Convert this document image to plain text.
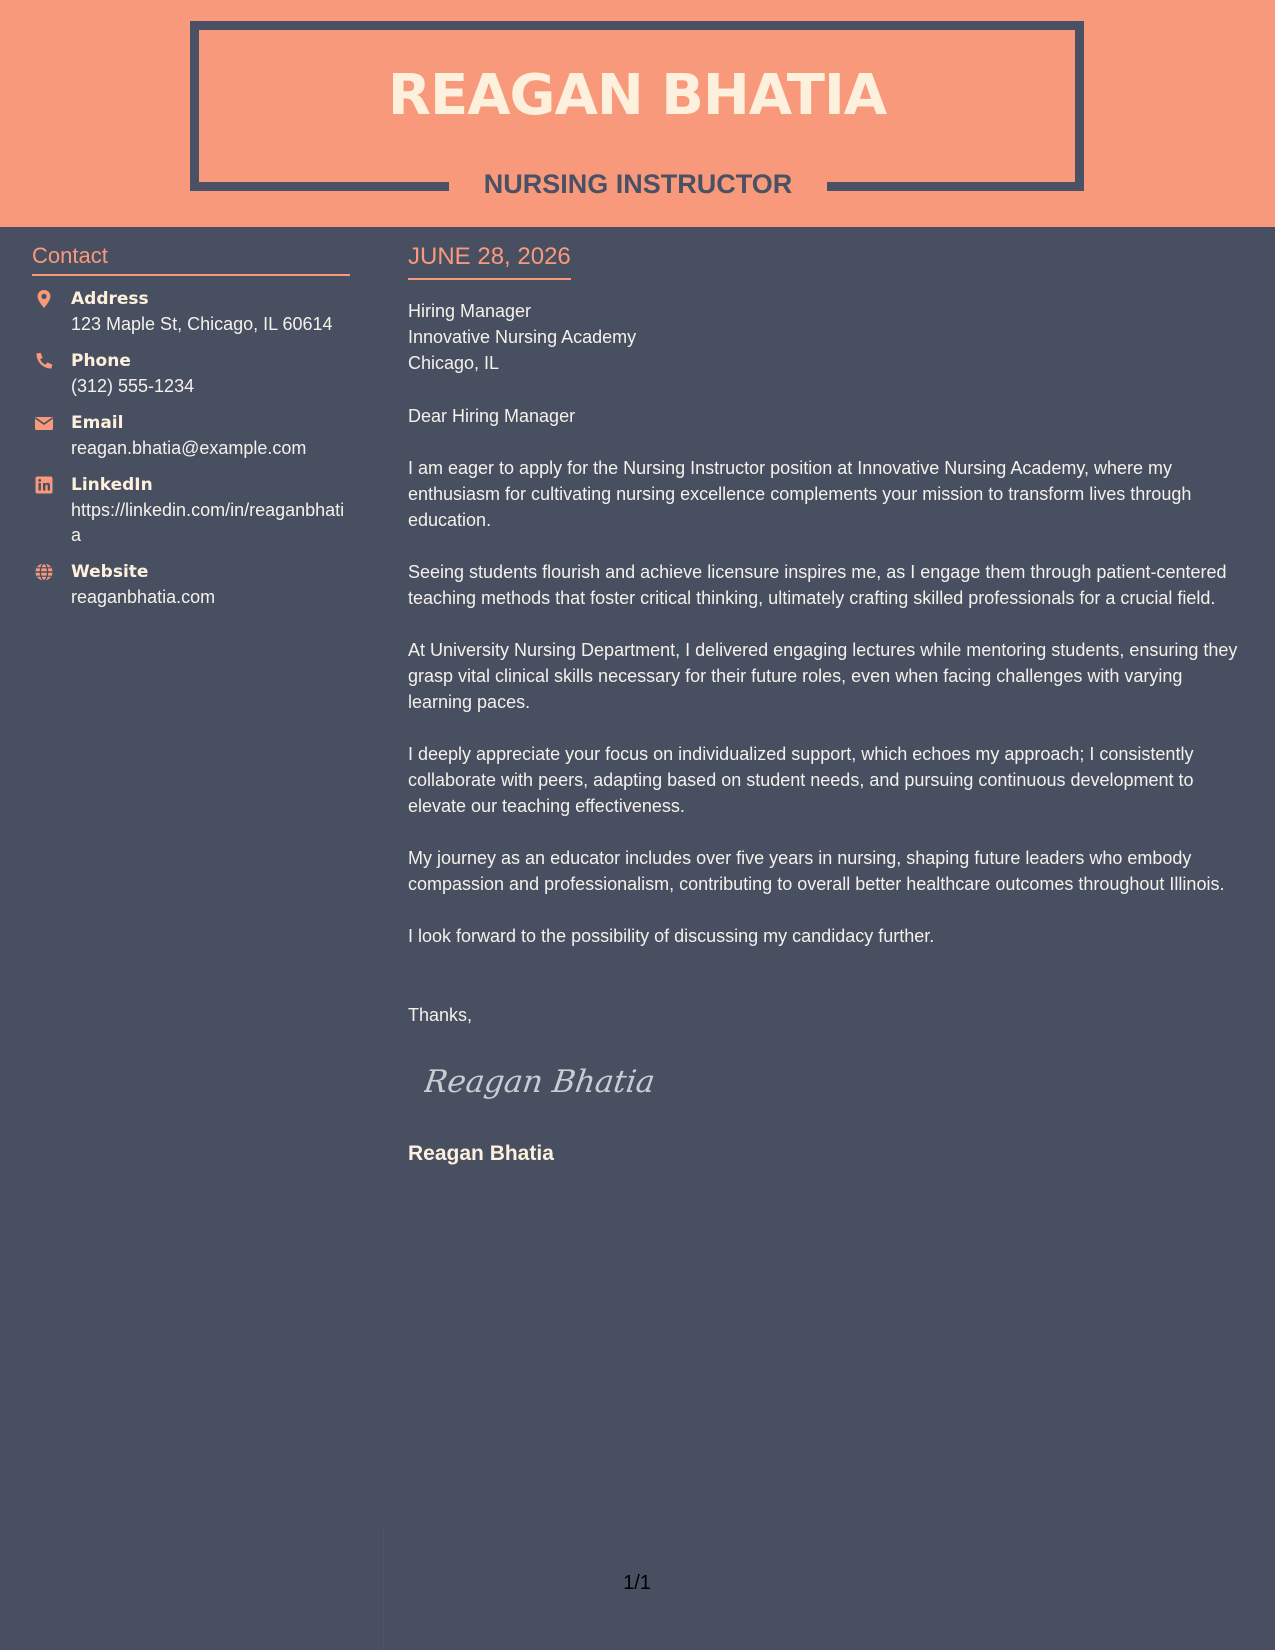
REAGAN BHATIA
NURSING INSTRUCTOR
Contact
Address
123 Maple St, Chicago, IL 60614
Phone
(312) 555-1234
Email
reagan.bhatia@example.com
LinkedIn
https://linkedin.com/in/reaganbhatia
Website
reaganbhatia.com
JUNE 28, 2026

Hiring Manager

Innovative Nursing Academy

Chicago, IL

Dear Hiring Manager

I am eager to apply for the Nursing Instructor position at Innovative Nursing Academy, where my enthusiasm for cultivating nursing excellence complements your mission to transform lives through education.

Seeing students flourish and achieve licensure inspires me, as I engage them through patient-centered teaching methods that foster critical thinking, ultimately crafting skilled professionals for a crucial field.

At University Nursing Department, I delivered engaging lectures while mentoring students, ensuring they grasp vital clinical skills necessary for their future roles, even when facing challenges with varying learning paces.

I deeply appreciate your focus on individualized support, which echoes my approach; I consistently collaborate with peers, adapting based on student needs, and pursuing continuous development to elevate our teaching effectiveness.

My journey as an educator includes over five years in nursing, shaping future leaders who embody compassion and professionalism, contributing to overall better healthcare outcomes throughout Illinois.

I look forward to the possibility of discussing my candidacy further.

Thanks,

Reagan Bhatia

Reagan Bhatia

1/1
